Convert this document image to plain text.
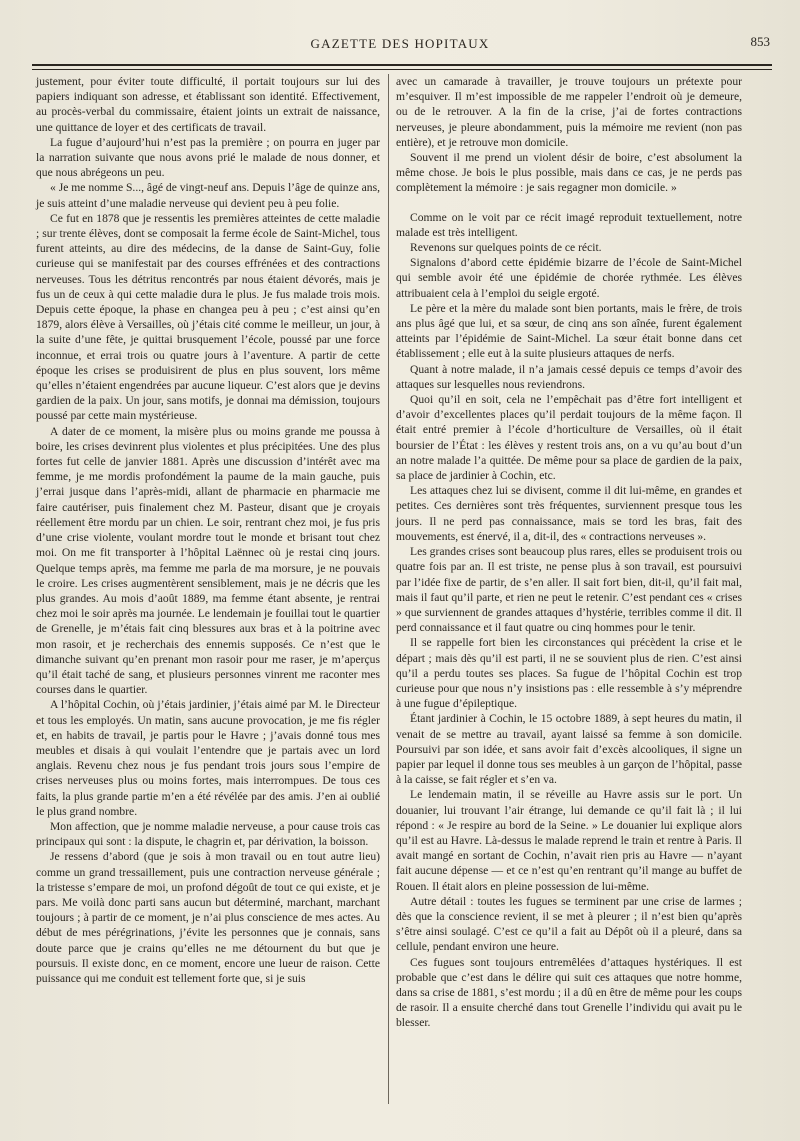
GAZETTE DES HOPITAUX	853

justement, pour éviter toute difficulté, il portait toujours sur lui des papiers indiquant son adresse, et établissant son identité. Effectivement, au procès-verbal du commissaire, étaient joints un extrait de naissance, une quittance de loyer et des certificats de travail.

La fugue d’aujourd’hui n’est pas la première ; on pourra en juger par la narration suivante que nous avons prié le malade de nous donner, et que nous abrégeons un peu.

« Je me nomme S..., âgé de vingt-neuf ans. Depuis l’âge de quinze ans, je suis atteint d’une maladie nerveuse qui devient peu à peu folie.

Ce fut en 1878 que je ressentis les premières atteintes de cette maladie ; sur trente élèves, dont se composait la ferme école de Saint-Michel, tous furent atteints, au dire des médecins, de la danse de Saint-Guy, folie curieuse qui se manifestait par des courses effrénées et des contractions nerveuses. Tous les détritus rencontrés par nous étaient dévorés, mais je fus un de ceux à qui cette maladie dura le plus. Je fus malade trois mois. Depuis cette époque, la phase en changea peu à peu ; c’est ainsi qu’en 1879, alors élève à Versailles, où j’étais cité comme le meilleur, un jour, à la suite d’une fête, je quittai brusquement l’école, poussé par une force inconnue, et errai trois ou quatre jours à l’aventure. A partir de cette époque les crises se produisirent de plus en plus souvent, lors même qu’elles n’étaient engendrées par aucune liqueur. C’est alors que je devins gardien de la paix. Un jour, sans motifs, je donnai ma démission, toujours poussé par cette main mystérieuse.

A dater de ce moment, la misère plus ou moins grande me poussa à boire, les crises devinrent plus violentes et plus précipitées. Une des plus fortes fut celle de janvier 1881. Après une discussion d’intérêt avec ma femme, je me mordis profondément la paume de la main gauche, puis j’errai jusque dans l’après-midi, allant de pharmacie en pharmacie me faire cautériser, puis finalement chez M. Pasteur, disant que je croyais réellement être mordu par un chien. Le soir, rentrant chez moi, je fus pris d’une crise violente, voulant mordre tout le monde et brisant tout chez moi. On me fit transporter à l’hôpital Laënnec où je restai cinq jours. Quelque temps après, ma femme me parla de ma morsure, je ne pouvais le croire. Les crises augmentèrent sensiblement, mais je ne décris que les plus grandes. Au mois d’août 1889, ma femme étant absente, je rentrai chez moi le soir après ma journée. Le lendemain je fouillai tout le quartier de Grenelle, je m’étais fait cinq blessures aux bras et à la poitrine avec mon rasoir, et je recherchais des ennemis supposés. Ce n’est que le dimanche suivant qu’en prenant mon rasoir pour me raser, je m’aperçus qu’il était taché de sang, et plusieurs personnes vinrent me raconter mes courses dans le quartier.

A l’hôpital Cochin, où j’étais jardinier, j’étais aimé par M. le Directeur et tous les employés. Un matin, sans aucune provocation, je me fis régler et, en habits de travail, je partis pour le Havre ; j’avais donné tous mes meubles et disais à qui voulait l’entendre que je partais avec un lord anglais. Revenu chez nous je fus pendant trois jours sous l’empire de crises nerveuses plus ou moins fortes, mais interrompues. De tous ces faits, la plus grande partie m’en a été révélée par des amis. J’en ai oublié le plus grand nombre.

Mon affection, que je nomme maladie nerveuse, a pour cause trois cas principaux qui sont : la dispute, le chagrin et, par dérivation, la boisson.

Je ressens d’abord (que je sois à mon travail ou en tout autre lieu) comme un grand tressaillement, puis une contraction nerveuse générale ; la tristesse s’empare de moi, un profond dégoût de tout ce qui existe, et je pars. Me voilà donc parti sans aucun but déterminé, marchant, marchant toujours ; à partir de ce moment, je n’ai plus conscience de mes actes. Au début de mes pérégrinations, j’évite les personnes que je connais, sans doute parce que je crains qu’elles ne me détournent du but que je poursuis. Il existe donc, en ce moment, encore une lueur de raison. Cette puissance qui me conduit est tellement forte que, si je suis

avec un camarade à travailler, je trouve toujours un prétexte pour m’esquiver. Il m’est impossible de me rappeler l’endroit où je demeure, ou de le retrouver. A la fin de la crise, j’ai de fortes contractions nerveuses, je pleure abondamment, puis la mémoire me revient (non pas entière), et je retrouve mon domicile.

Souvent il me prend un violent désir de boire, c’est absolument la même chose. Je bois le plus possible, mais dans ce cas, je ne perds pas complètement la mémoire : je sais regagner mon domicile. »

Comme on le voit par ce récit imagé reproduit textuellement, notre malade est très intelligent.

Revenons sur quelques points de ce récit.

Signalons d’abord cette épidémie bizarre de l’école de Saint-Michel qui semble avoir été une épidémie de chorée rythmée. Les élèves attribuaient cela à l’emploi du seigle ergoté.

Le père et la mère du malade sont bien portants, mais le frère, de trois ans plus âgé que lui, et sa sœur, de cinq ans son aînée, furent également atteints par l’épidémie de Saint-Michel. La sœur était bonne dans cet établissement ; elle eut à la suite plusieurs attaques de nerfs.

Quant à notre malade, il n’a jamais cessé depuis ce temps d’avoir des attaques sur lesquelles nous reviendrons.

Quoi qu’il en soit, cela ne l’empêchait pas d’être fort intelligent et d’avoir d’excellentes places qu’il perdait toujours de la même façon. Il était entré premier à l’école d’horticulture de Versailles, où il était boursier de l’État : les élèves y restent trois ans, on a vu qu’au bout d’un an notre malade l’a quittée. De même pour sa place de gardien de la paix, sa place de jardinier à Cochin, etc.

Les attaques chez lui se divisent, comme il dit lui-même, en grandes et petites. Ces dernières sont très fréquentes, surviennent presque tous les jours. Il ne perd pas connaissance, mais se tord les bras, fait des mouvements, est énervé, il a, dit-il, des « contractions nerveuses ».

Les grandes crises sont beaucoup plus rares, elles se produisent trois ou quatre fois par an. Il est triste, ne pense plus à son travail, est poursuivi par l’idée fixe de partir, de s’en aller. Il sait fort bien, dit-il, qu’il fait mal, mais il faut qu’il parte, et rien ne peut le retenir. C’est pendant ces « crises » que surviennent de grandes attaques d’hystérie, terribles comme il dit. Il perd connaissance et il faut quatre ou cinq hommes pour le tenir.

Il se rappelle fort bien les circonstances qui précèdent la crise et le départ ; mais dès qu’il est parti, il ne se souvient plus de rien. C’est ainsi qu’il a perdu toutes ses places. Sa fugue de l’hôpital Cochin est trop curieuse pour que nous n’y insistions pas : elle ressemble à s’y méprendre à une fugue d’épileptique.

Étant jardinier à Cochin, le 15 octobre 1889, à sept heures du matin, il venait de se mettre au travail, ayant laissé sa femme à son domicile. Poursuivi par son idée, et sans avoir fait d’excès alcooliques, il signe un papier par lequel il donne tous ses meubles à un garçon de l’hôpital, passe à la caisse, se fait régler et s’en va.

Le lendemain matin, il se réveille au Havre assis sur le port. Un douanier, lui trouvant l’air étrange, lui demande ce qu’il fait là ; il lui répond : « Je respire au bord de la Seine. » Le douanier lui explique alors qu’il est au Havre. Là-dessus le malade reprend le train et rentre à Paris. Il avait mangé en sortant de Cochin, n’avait rien pris au Havre — n’ayant fait aucune dépense — et ce n’est qu’en rentrant qu’il mange au buffet de Rouen. Il était alors en pleine possession de lui-même.

Autre détail : toutes les fugues se terminent par une crise de larmes ; dès que la conscience revient, il se met à pleurer ; il n’est bien qu’après s’être ainsi soulagé. C’est ce qu’il a fait au Dépôt où il a pleuré, dans sa cellule, pendant environ une heure.

Ces fugues sont toujours entremêlées d’attaques hystériques. Il est probable que c’est dans le délire qui suit ces attaques que notre homme, dans sa crise de 1881, s’est mordu ; il a dû en être de même pour les coups de rasoir. Il a ensuite cherché dans tout Grenelle l’individu qui avait pu le blesser.
